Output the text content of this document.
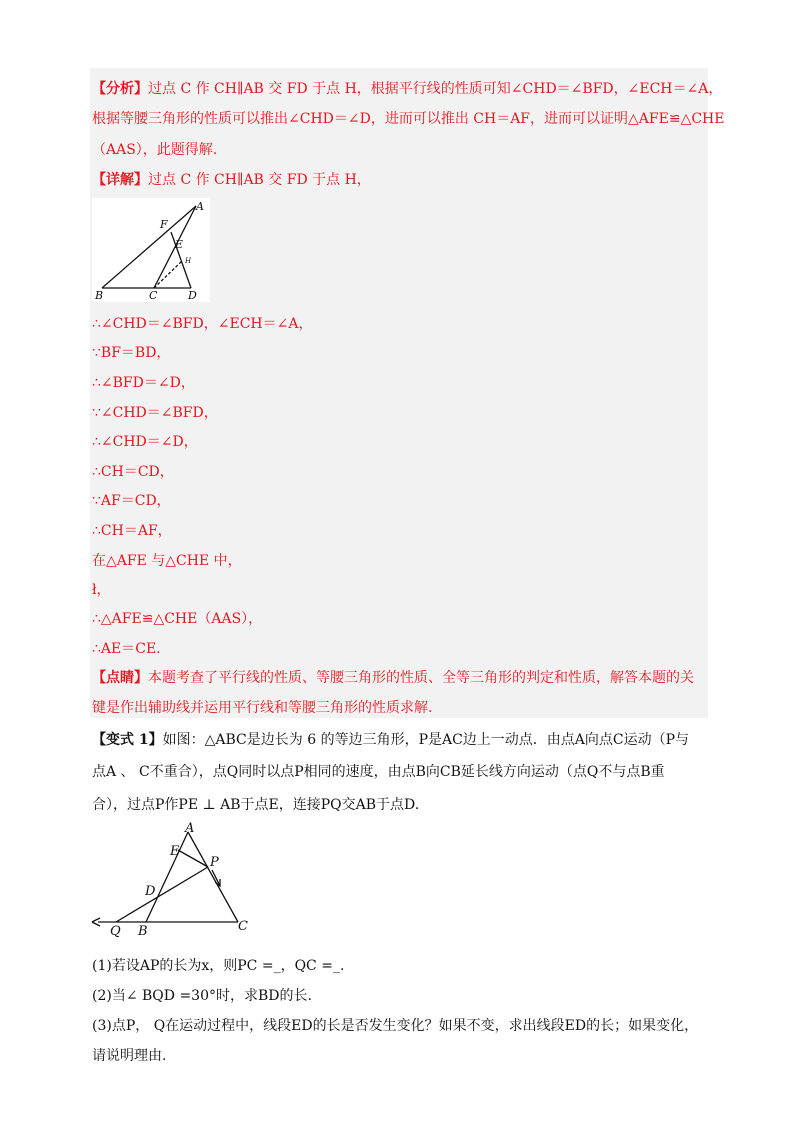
【分析】过点 C 作 CH∥AB 交 FD 于点 H，根据平行线的性质可知∠CHD＝∠BFD，∠ECH＝∠A，
根据等腰三角形的性质可以推出∠CHD＝∠D，进而可以推出 CH＝AF，进而可以证明△AFE≌△CHE
（AAS），此题得解.
【详解】过点 C 作 CH∥AB 交 FD 于点 H，
A
B	C	D
E
F
H
∴∠CHD＝∠BFD，∠ECH＝∠A，
∵BF＝BD，
∴∠BFD＝∠D，
∵∠CHD＝∠BFD，
∴∠CHD＝∠D，
∴CH＝CD，
∵AF＝CD，
∴CH＝AF，
在△AFE 与△CHE 中，
ł，
∴△AFE≌△CHE（AAS），
∴AE＝CE.
【点睛】本题考查了平行线的性质、等腰三角形的性质、全等三角形的判定和性质，解答本题的关
键是作出辅助线并运用平行线和等腰三角形的性质求解.
【变式 1】如图：△ABC是边长为 6 的等边三角形，P是AC边上一动点．由点A向点C运动（P与
点A 、 C不重合），点Q同时以点P相同的速度，由点B向CB延长线方向运动（点Q不与点B重
合），过点P作PE ⊥ AB于点E，连接PQ交AB于点D.
A
B	C
D
E
P
Q
(1)若设AP的长为x，则PC =_，QC =_.
(2)当∠ BQD =30°时，求BD的长.
(3)点P， Q在运动过程中，线段ED的长是否发生变化？如果不变，求出线段ED的长；如果变化，
请说明理由.
